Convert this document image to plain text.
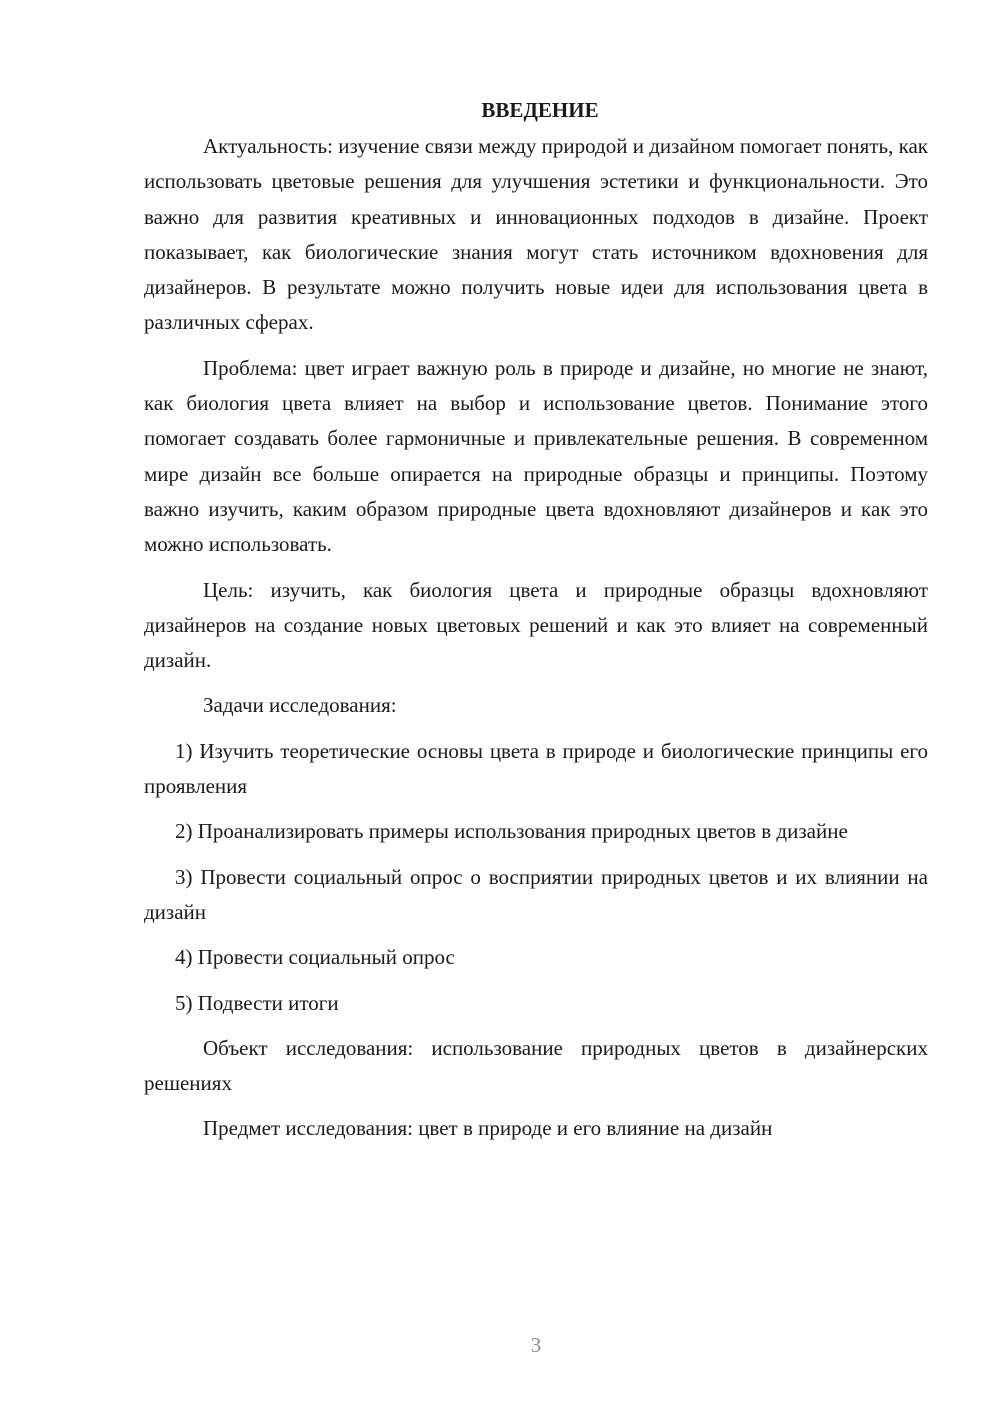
ВВЕДЕНИЕ

Актуальность: изучение связи между природой и дизайном помогает понять, как использовать цветовые решения для улучшения эстетики и функциональности. Это важно для развития креативных и инновационных подходов в дизайне. Проект показывает, как биологические знания могут стать источником вдохновения для дизайнеров. В результате можно получить новые идеи для использования цвета в различных сферах.

Проблема: цвет играет важную роль в природе и дизайне, но многие не знают, как биология цвета влияет на выбор и использование цветов. Понимание этого помогает создавать более гармоничные и привлекательные решения. В современном мире дизайн все больше опирается на природные образцы и принципы. Поэтому важно изучить, каким образом природные цвета вдохновляют дизайнеров и как это можно использовать.

Цель: изучить, как биология цвета и природные образцы вдохновляют дизайнеров на создание новых цветовых решений и как это влияет на современный дизайн.

Задачи исследования:

1) Изучить теоретические основы цвета в природе и биологические принципы его проявления

2) Проанализировать примеры использования природных цветов в дизайне

3) Провести социальный опрос о восприятии природных цветов и их влиянии на дизайн

4) Провести социальный опрос

5) Подвести итоги

Объект исследования: использование природных цветов в дизайнерских решениях

Предмет исследования: цвет в природе и его влияние на дизайн

3
